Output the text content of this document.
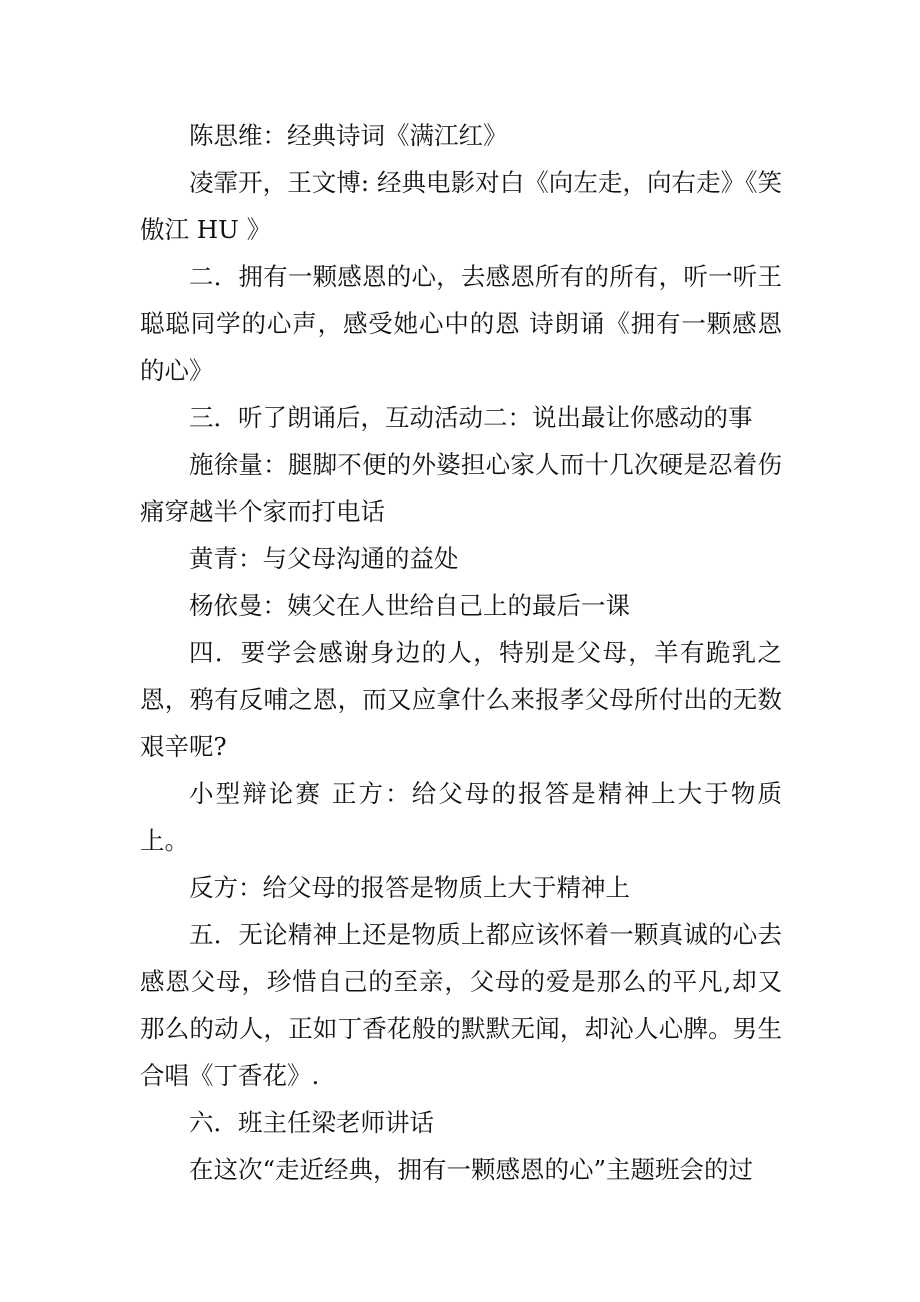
陈思维：经典诗词《满江红》

凌霏开，王文博: 经典电影对白《向左走，向右走》《笑傲江 HU 》

二．拥有一颗感恩的心，去感恩所有的所有，听一听王聪聪同学的心声，感受她心中的恩 诗朗诵《拥有一颗感恩的心》

三．听了朗诵后，互动活动二：说出最让你感动的事

施徐量：腿脚不便的外婆担心家人而十几次硬是忍着伤痛穿越半个家而打电话

黄青：与父母沟通的益处

杨依曼：姨父在人世给自己上的最后一课

四．要学会感谢身边的人，特别是父母，羊有跪乳之恩，鸦有反哺之恩，而又应拿什么来报孝父母所付出的无数艰辛呢?

小型辩论赛 正方：给父母的报答是精神上大于物质上。

反方：给父母的报答是物质上大于精神上

五．无论精神上还是物质上都应该怀着一颗真诚的心去感恩父母，珍惜自己的至亲，父母的爱是那么的平凡,却又那么的动人，正如丁香花般的默默无闻，却沁人心脾。男生合唱《丁香花》.

六．班主任梁老师讲话

在这次“走近经典，拥有一颗感恩的心”主题班会的过
